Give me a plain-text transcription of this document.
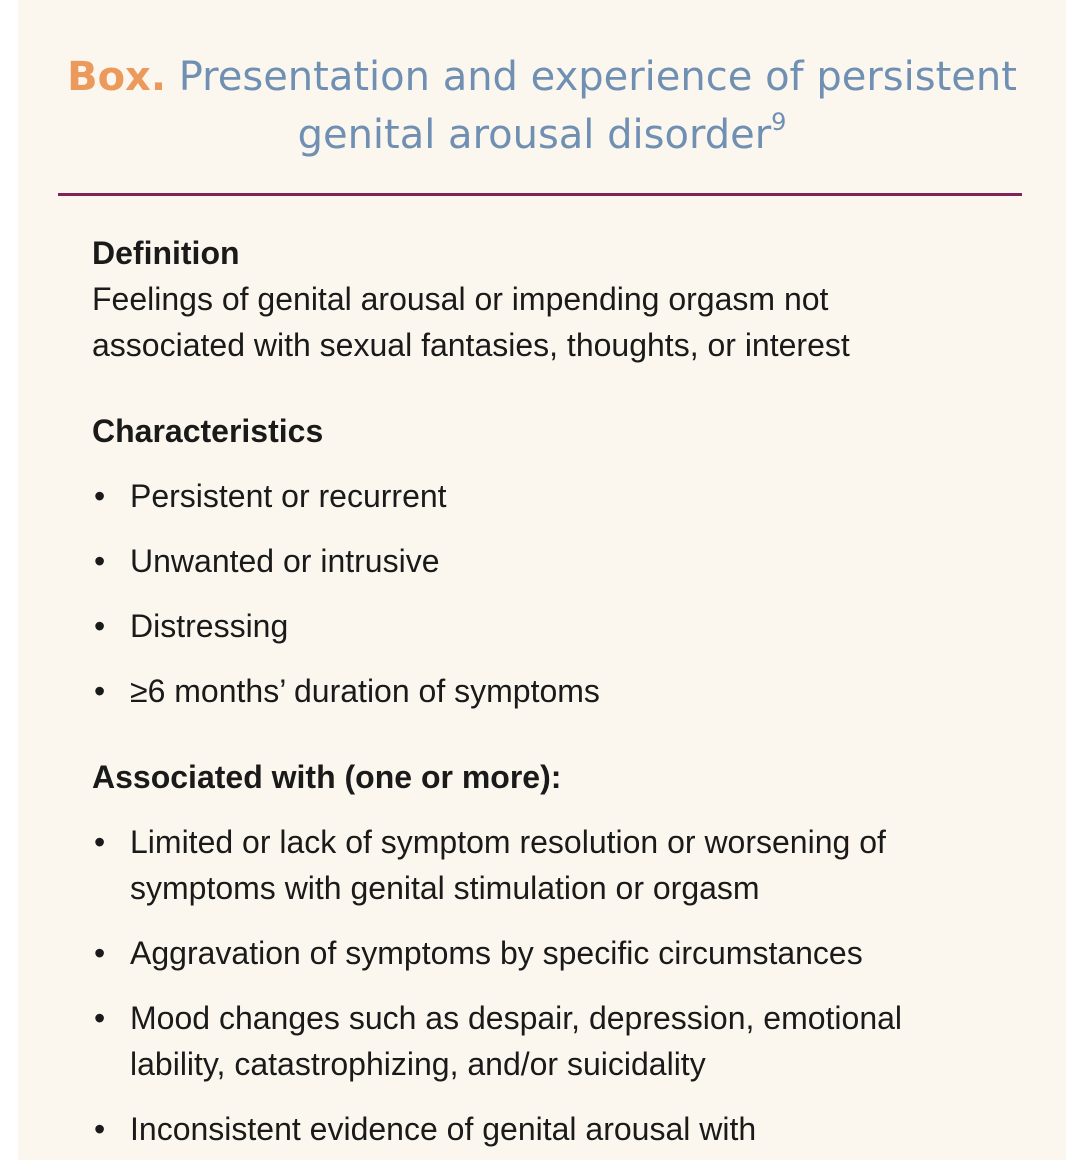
Box. Presentation and experience of persistent
genital arousal disorder$^9$
Definition
Feelings of genital arousal or impending orgasm not
associated with sexual fantasies, thoughts, or interest
Characteristics
• Persistent or recurrent
• Unwanted or intrusive
• Distressing
• ≥6 months’ duration of symptoms
Associated with (one or more):
• Limited or lack of symptom resolution or worsening of
symptoms with genital stimulation or orgasm
• Aggravation of symptoms by specific circumstances
• Mood changes such as despair, depression, emotional
lability, catastrophizing, and/or suicidality
• Inconsistent evidence of genital arousal with
